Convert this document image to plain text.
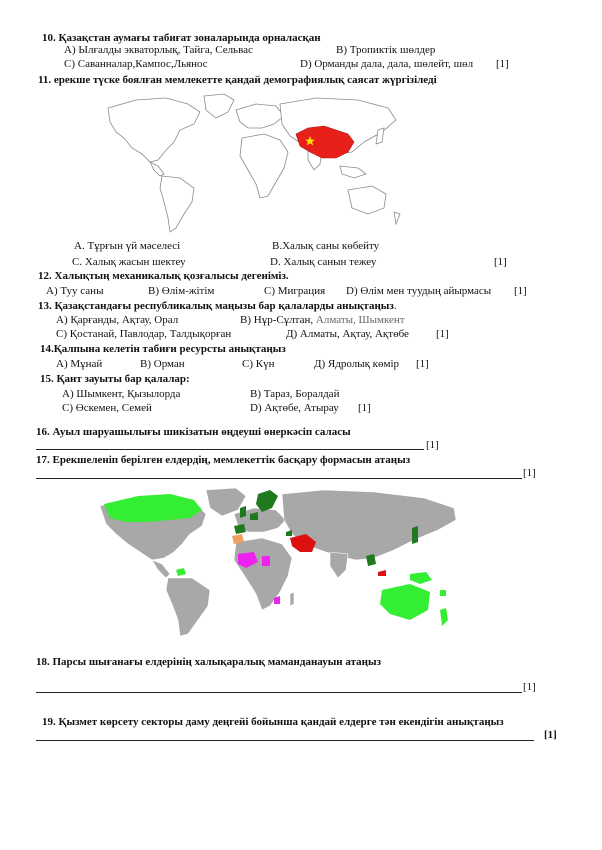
10. Қазақстан аумағы табиғат зоналарында орналасқан
А) Ылғалды экваторлық, Тайга, Сельвас	В) Тропиктік шөлдер
С) Саванналар,Кампос,Льянос	D) Орманды дала, дала, шөлейт, шөл [1]
11. ерекше түске боялған мемлекетте қандай демографиялық саясат жүргізіледі
А. Тұрғын үй мәселесі	B.Халық саны көбейту
C. Халық жасын шектеу	D. Халық санын тежеу	[1]
12. Халықтың механикалық қозғалысы дегеніміз.
А) Туу саны	В) Өлім-жітім	С) Миграция D) Өлім мен туудың айырмасы [1]
13. Қазақстандағы республикалық маңызы бар қалаларды анықтаңыз.
А) Қарғанды, Ақтау, Орал	В) Нұр-Сұлтан, Алматы, Шымкент
С) Қостанай, Павлодар, Талдықорған	Д) Алматы, Ақтау, Ақтөбе [1]
14.Қалпына келетін табиғи ресурсты анықтаңыз
А) Мұнай	В) Орман	С) Күн	Д) Ядролық көмір [1]
15. Қант зауыты бар қалалар:
А) Шымкент, Қызылорда	В) Тараз, Боралдай
С) Өскемен, Семей	D) Ақтөбе, Атырау [1]
16. Ауыл шаруашылығы шикізатын өңдеуші өнеркәсіп саласы
[1]
17. Ерекшеленіп берілген елдердің, мемлекеттік басқару формасын атаңыз
[1]
18. Парсы шығанағы елдерінің халықаралық маманданауын атаңыз
[1]
19. Қызмет көрсету секторы даму деңгейі бойынша қандай елдерге тән екендігін анықтаңыз
[1]
